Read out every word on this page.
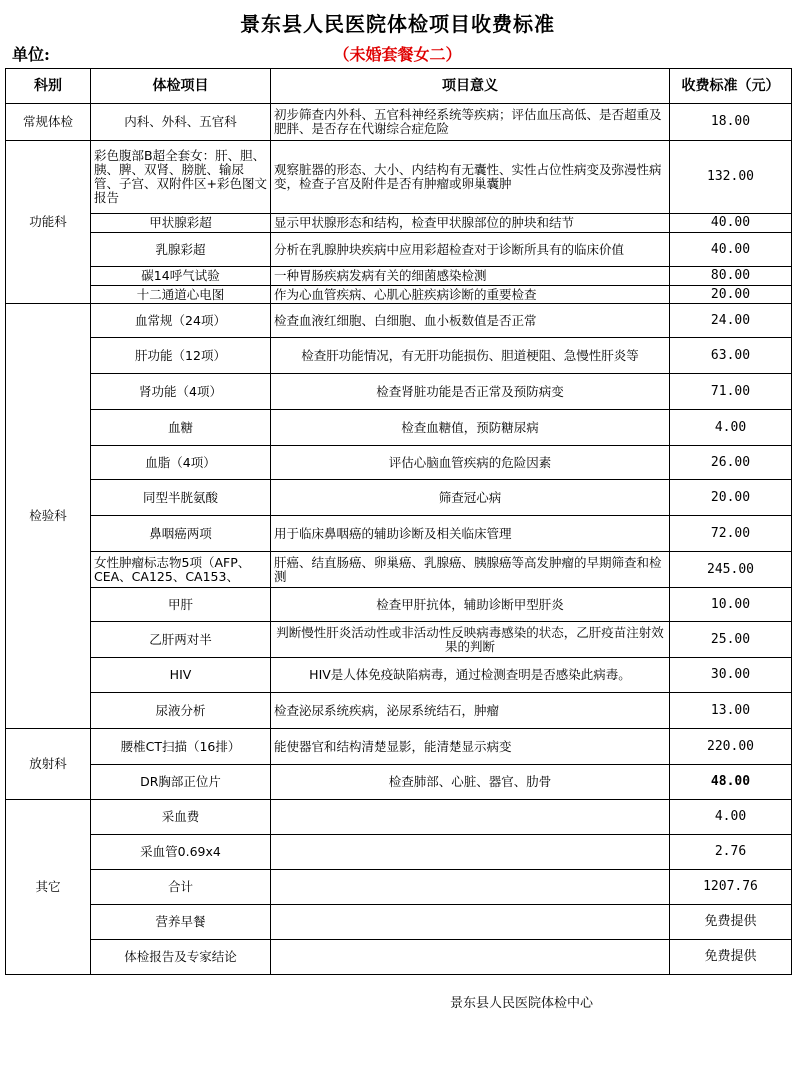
景东县人民医院体检项目收费标准
单位:	（未婚套餐女二）
科别	体检项目	项目意义	收费标准（元）
常规体检	内科、外科、五官科	初步筛查内外科、五官科神经系统等疾病；评估血压高低、是否超重及肥胖、是否存在代谢综合症危险	18.00
功能科	彩色腹部B超全套女：肝、胆、胰、脾、双肾、膀胱、输尿管、子宫、双附件区+彩色图文报告	观察脏器的形态、大小、内结构有无囊性、实性占位性病变及弥漫性病变，检查子宫及附件是否有肿瘤或卵巢囊肿	132.00
	甲状腺彩超	显示甲状腺形态和结构，检查甲状腺部位的肿块和结节	40.00
	乳腺彩超	分析在乳腺肿块疾病中应用彩超检查对于诊断所具有的临床价值	40.00
	碳14呼气试验	一种胃肠疾病发病有关的细菌感染检测	80.00
	十二通道心电图	作为心血管疾病、心肌心脏疾病诊断的重要检查	20.00
检验科	血常规（24项）	检查血液红细胞、白细胞、血小板数值是否正常	24.00
	肝功能（12项）	检查肝功能情况，有无肝功能损伤、胆道梗阻、急慢性肝炎等	63.00
	肾功能（4项）	检查肾脏功能是否正常及预防病变	71.00
	血糖	检查血糖值，预防糖尿病	4.00
	血脂（4项）	评估心脑血管疾病的危险因素	26.00
	同型半胱氨酸	筛查冠心病	20.00
	鼻咽癌两项	用于临床鼻咽癌的辅助诊断及相关临床管理	72.00
	女性肿瘤标志物5项（AFP、CEA、CA125、CA153、	肝癌、结直肠癌、卵巢癌、乳腺癌、胰腺癌等高发肿瘤的早期筛查和检测	245.00
	甲肝	检查甲肝抗体，辅助诊断甲型肝炎	10.00
	乙肝两对半	判断慢性肝炎活动性或非活动性反映病毒感染的状态，乙肝疫苗注射效果的判断	25.00
	HIV	HIV是人体免疫缺陷病毒，通过检测查明是否感染此病毒。	30.00
	尿液分析	检查泌尿系统疾病，泌尿系统结石，肿瘤	13.00
放射科	腰椎CT扫描（16排）	能使器官和结构清楚显影，能清楚显示病变	220.00
	DR胸部正位片	检查肺部、心脏、器官、肋骨	48.00
其它	采血费		4.00
	采血管0.69x4		2.76
	合计		1207.76
	营养早餐		免费提供
	体检报告及专家结论		免费提供
景东县人民医院体检中心
